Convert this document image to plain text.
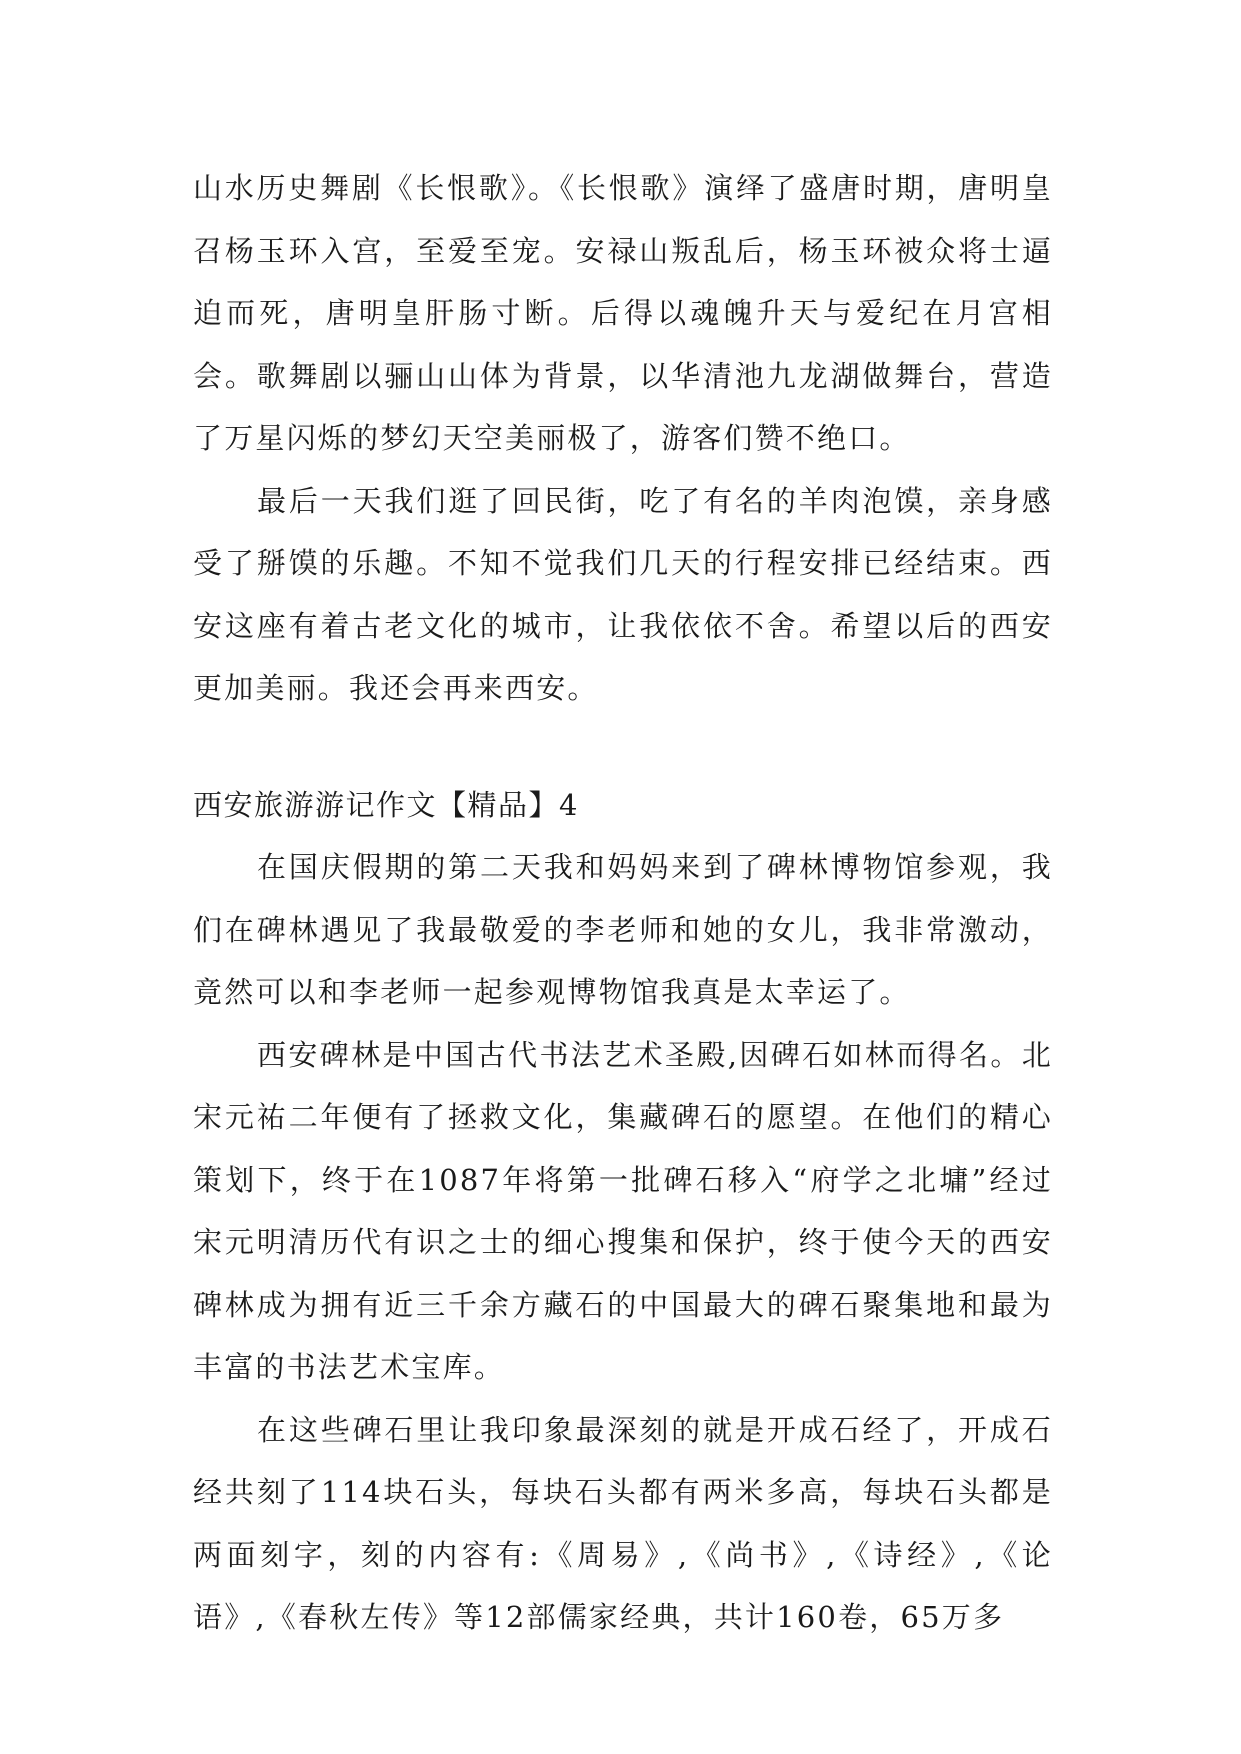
山水历史舞剧《长恨歌》。《长恨歌》演绎了盛唐时期，唐明皇召杨玉环入宫，至爱至宠。安禄山叛乱后，杨玉环被众将士逼迫而死，唐明皇肝肠寸断。后得以魂魄升天与爱纪在月宫相会。歌舞剧以骊山山体为背景，以华清池九龙湖做舞台，营造了万星闪烁的梦幻天空美丽极了，游客们赞不绝口。

最后一天我们逛了回民街，吃了有名的羊肉泡馍，亲身感受了掰馍的乐趣。不知不觉我们几天的行程安排已经结束。西安这座有着古老文化的城市，让我依依不舍。希望以后的西安更加美丽。我还会再来西安。

西安旅游游记作文【精品】4

在国庆假期的第二天我和妈妈来到了碑林博物馆参观，我们在碑林遇见了我最敬爱的李老师和她的女儿，我非常激动，竟然可以和李老师一起参观博物馆我真是太幸运了。

西安碑林是中国古代书法艺术圣殿,因碑石如林而得名。北宋元祐二年便有了拯救文化，集藏碑石的愿望。在他们的精心策划下，终于在1087年将第一批碑石移入“府学之北墉”经过宋元明清历代有识之士的细心搜集和保护，终于使今天的西安碑林成为拥有近三千余方藏石的中国最大的碑石聚集地和最为丰富的书法艺术宝库。

在这些碑石里让我印象最深刻的就是开成石经了，开成石经共刻了114块石头，每块石头都有两米多高，每块石头都是两面刻字，刻的内容有:《周易》,《尚书》,《诗经》,《论语》,《春秋左传》等12部儒家经典，共计160卷，65万多
